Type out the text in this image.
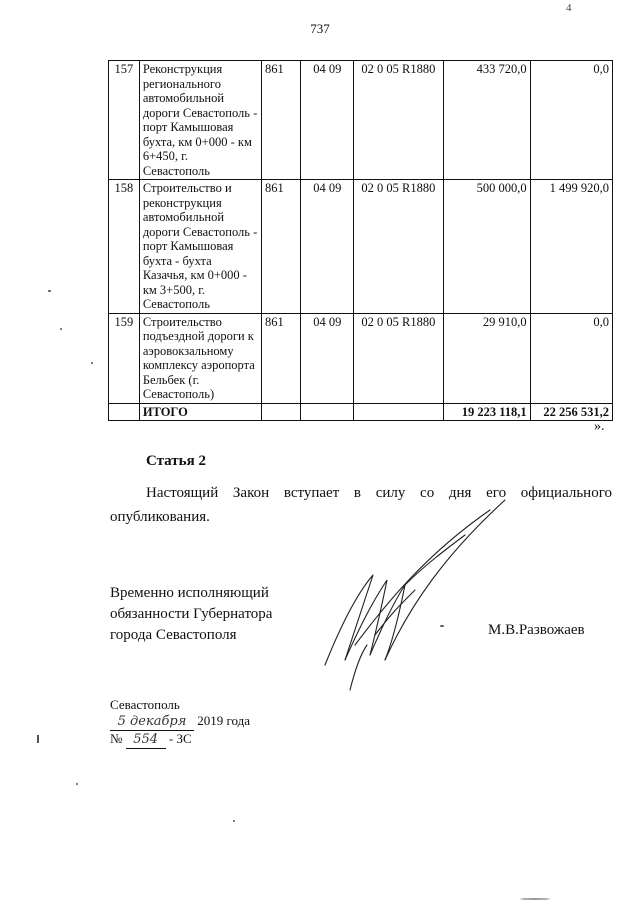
737
4
157	Реконструкция регионального автомобильной дороги Севастополь - порт Камышовая бухта, км 0+000 - км 6+450, г. Севастополь	861	04 09	02 0 05 R1880	433 720,0	0,0
158	Строительство и реконструкция автомобильной дороги Севастополь - порт Камышовая бухта - бухта Казачья, км 0+000 - км 3+500, г. Севастополь	861	04 09	02 0 05 R1880	500 000,0	1 499 920,0
159	Строительство подъездной дороги к аэровокзальному комплексу аэропорта Бельбек (г. Севастополь)	861	04 09	02 0 05 R1880	29 910,0	0,0
	ИТОГО				19 223 118,1	22 256 531,2
».
Статья 2
Настоящий Закон вступает в силу со дня его официального
опубликования.
Временно исполняющий
обязанности Губернатора
города Севастополя	М.В.Развожаев
Севастополь
5 декабря 2019 года
№ 554 - ЗС
